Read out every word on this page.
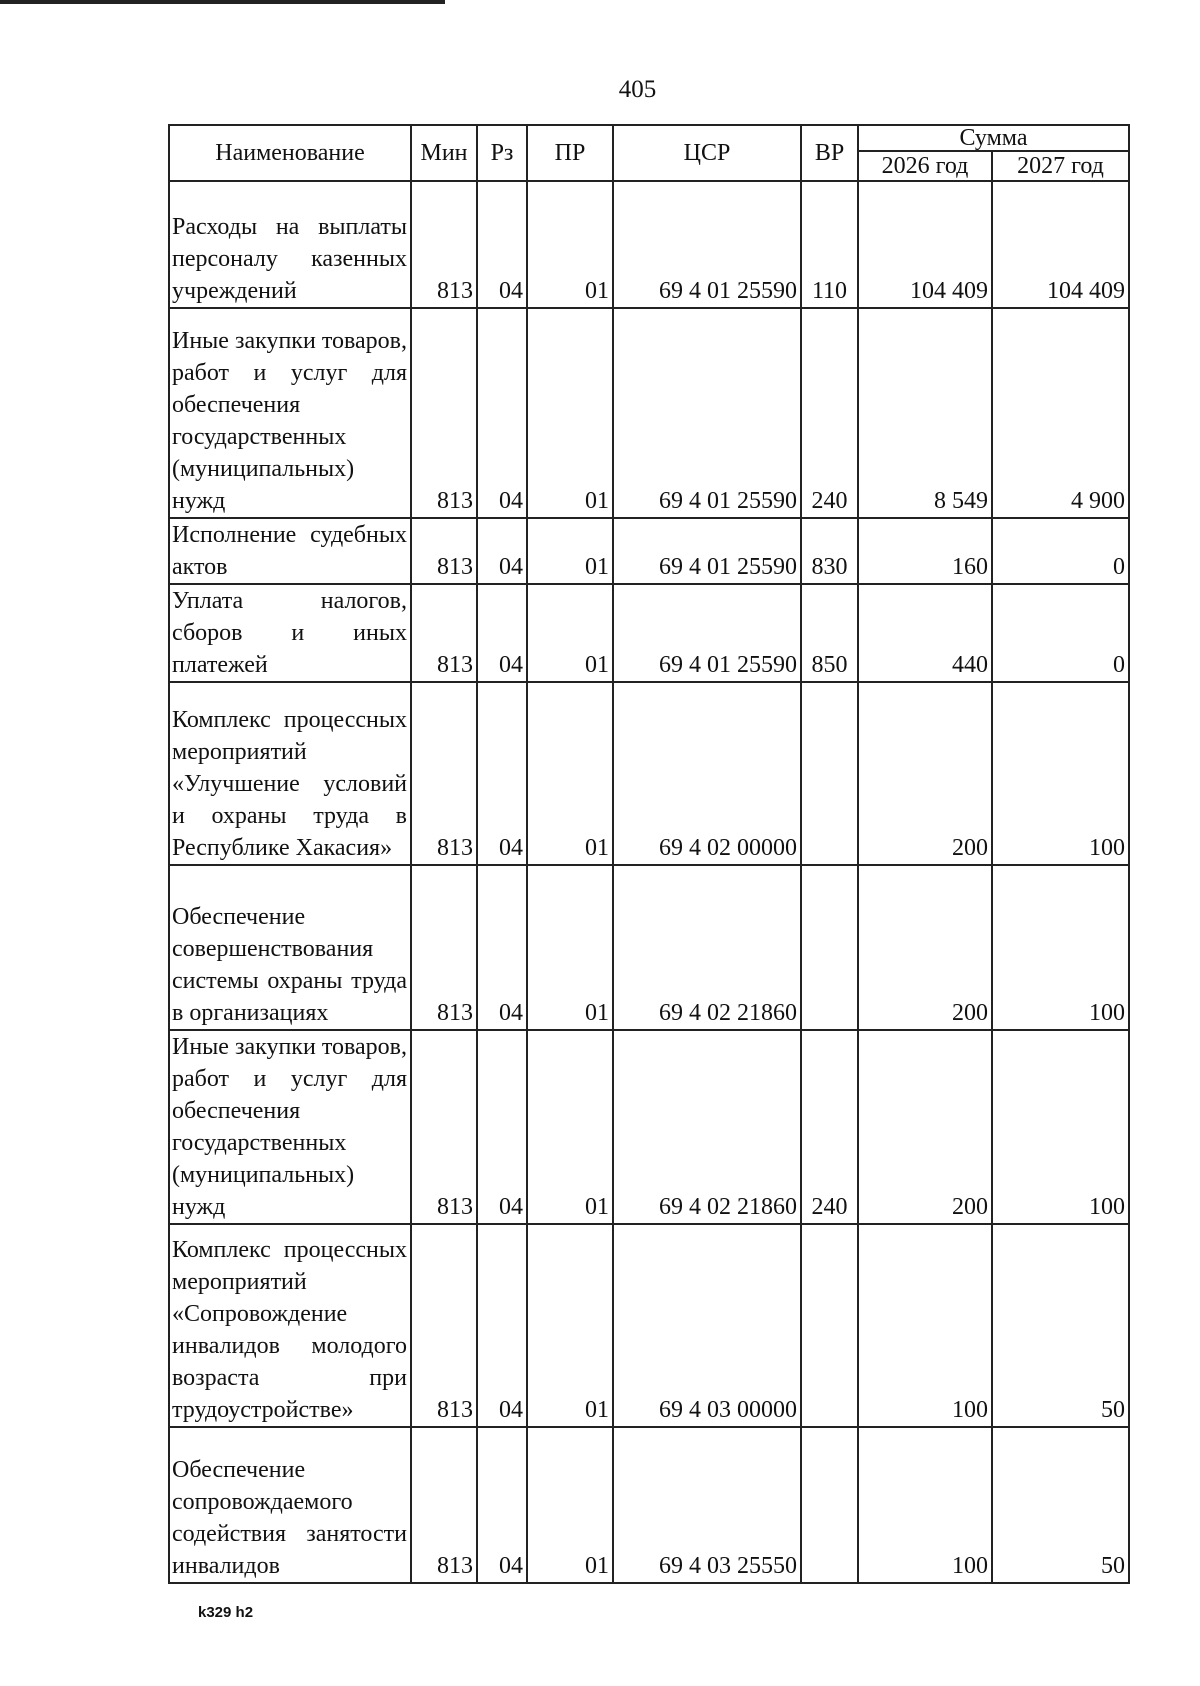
405
Наименование	Мин	Рз	ПР	ЦСР	ВР	Сумма	
						2026 год	2027 год
Расходы на выплаты персоналу казенных учреждений	813	04	01	69 4 01 25590	110	104 409	104 409
Иные закупки товаров, работ и услуг для обеспечения государственных (муниципальных) нужд	813	04	01	69 4 01 25590	240	8 549	4 900
Исполнение судебных актов	813	04	01	69 4 01 25590	830	160	0
Уплата налогов, сборов и иных платежей	813	04	01	69 4 01 25590	850	440	0
Комплекс процессных мероприятий «Улучшение условий и охраны труда в Республике Хакасия»	813	04	01	69 4 02 00000		200	100
Обеспечение совершенствования системы охраны труда в организациях	813	04	01	69 4 02 21860		200	100
Иные закупки товаров, работ и услуг для обеспечения государственных (муниципальных) нужд	813	04	01	69 4 02 21860	240	200	100
Комплекс процессных мероприятий «Сопровождение инвалидов молодого возраста при трудоустройстве»	813	04	01	69 4 03 00000		100	50
Обеспечение сопровождаемого содействия занятости инвалидов	813	04	01	69 4 03 25550		100	50
k329 h2
